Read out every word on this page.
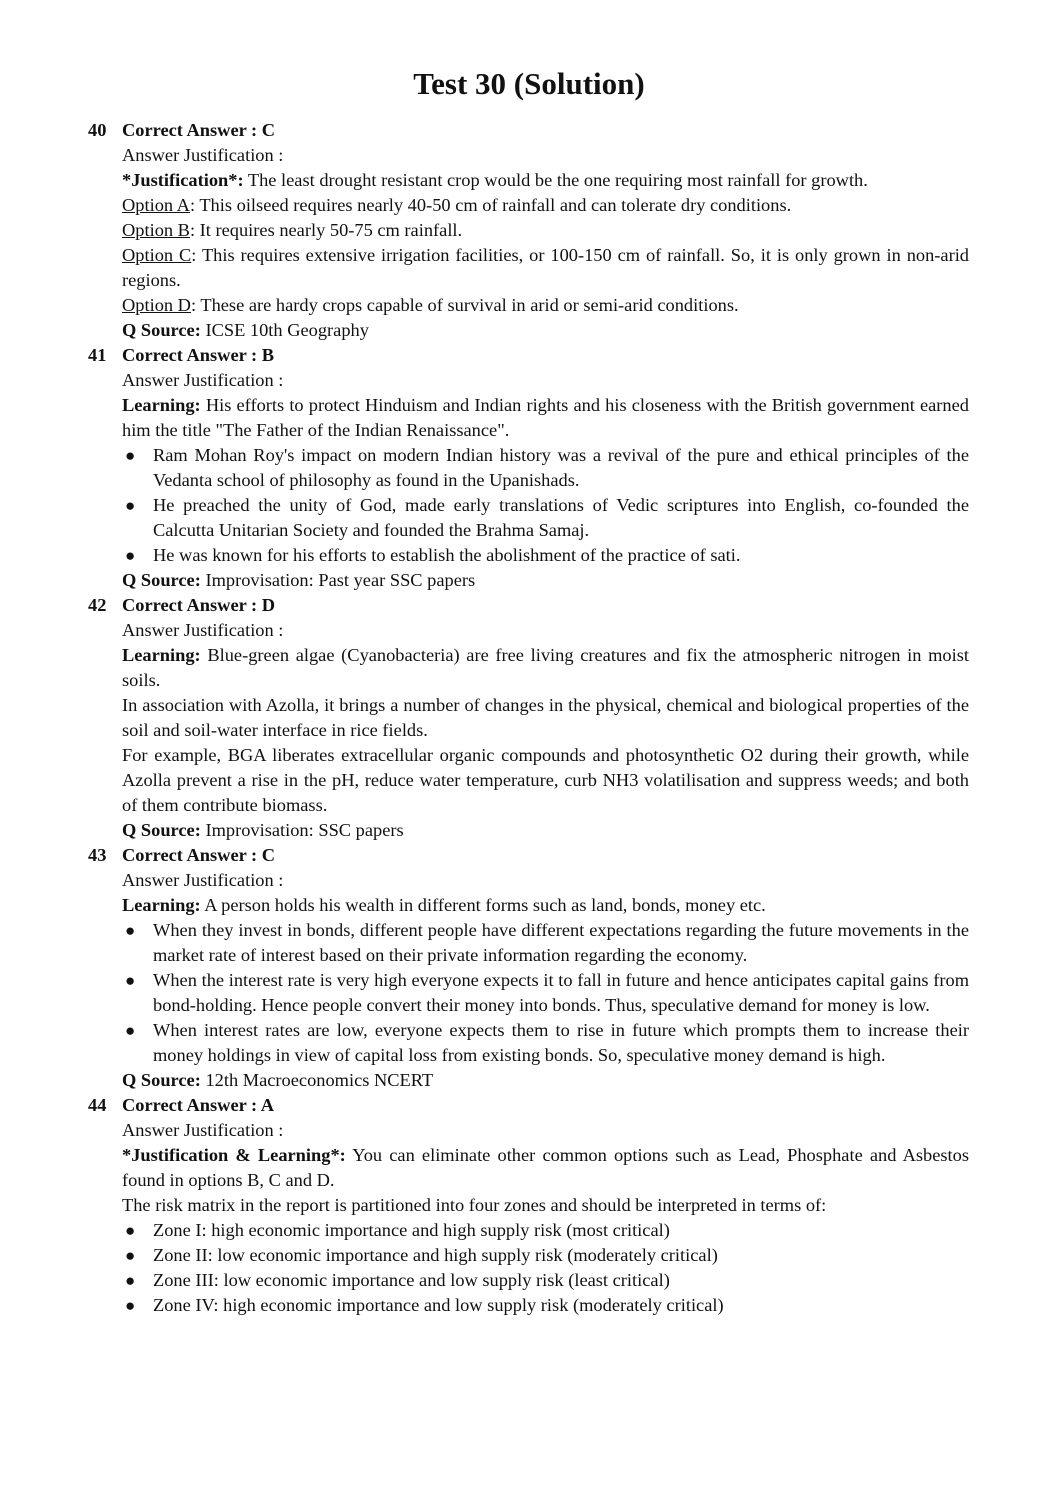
Test 30 (Solution)
40 Correct Answer : C

Answer Justification :

*Justification*: The least drought resistant crop would be the one requiring most rainfall for growth.

Option A: This oilseed requires nearly 40-50 cm of rainfall and can tolerate dry conditions.

Option B: It requires nearly 50-75 cm rainfall.

Option C: This requires extensive irrigation facilities, or 100-150 cm of rainfall. So, it is only grown in non-arid regions.

Option D: These are hardy crops capable of survival in arid or semi-arid conditions.

Q Source: ICSE 10th Geography

41 Correct Answer : B

Answer Justification :

Learning: His efforts to protect Hinduism and Indian rights and his closeness with the British government earned him the title "The Father of the Indian Renaissance".

● Ram Mohan Roy's impact on modern Indian history was a revival of the pure and ethical principles of the Vedanta school of philosophy as found in the Upanishads.
● He preached the unity of God, made early translations of Vedic scriptures into English, co-founded the Calcutta Unitarian Society and founded the Brahma Samaj.
● He was known for his efforts to establish the abolishment of the practice of sati.

Q Source: Improvisation: Past year SSC papers

42 Correct Answer : D

Answer Justification :

Learning: Blue-green algae (Cyanobacteria) are free living creatures and fix the atmospheric nitrogen in moist soils.

In association with Azolla, it brings a number of changes in the physical, chemical and biological properties of the soil and soil-water interface in rice fields.

For example, BGA liberates extracellular organic compounds and photosynthetic O2 during their growth, while Azolla prevent a rise in the pH, reduce water temperature, curb NH3 volatilisation and suppress weeds; and both of them contribute biomass.

Q Source: Improvisation: SSC papers

43 Correct Answer : C

Answer Justification :

Learning: A person holds his wealth in different forms such as land, bonds, money etc.

● When they invest in bonds, different people have different expectations regarding the future movements in the market rate of interest based on their private information regarding the economy.
● When the interest rate is very high everyone expects it to fall in future and hence anticipates capital gains from bond-holding. Hence people convert their money into bonds. Thus, speculative demand for money is low.
● When interest rates are low, everyone expects them to rise in future which prompts them to increase their money holdings in view of capital loss from existing bonds. So, speculative money demand is high.

Q Source: 12th Macroeconomics NCERT

44 Correct Answer : A

Answer Justification :

*Justification & Learning*: You can eliminate other common options such as Lead, Phosphate and Asbestos found in options B, C and D.

The risk matrix in the report is partitioned into four zones and should be interpreted in terms of:

● Zone I: high economic importance and high supply risk (most critical)
● Zone II: low economic importance and high supply risk (moderately critical)
● Zone III: low economic importance and low supply risk (least critical)
● Zone IV: high economic importance and low supply risk (moderately critical)
